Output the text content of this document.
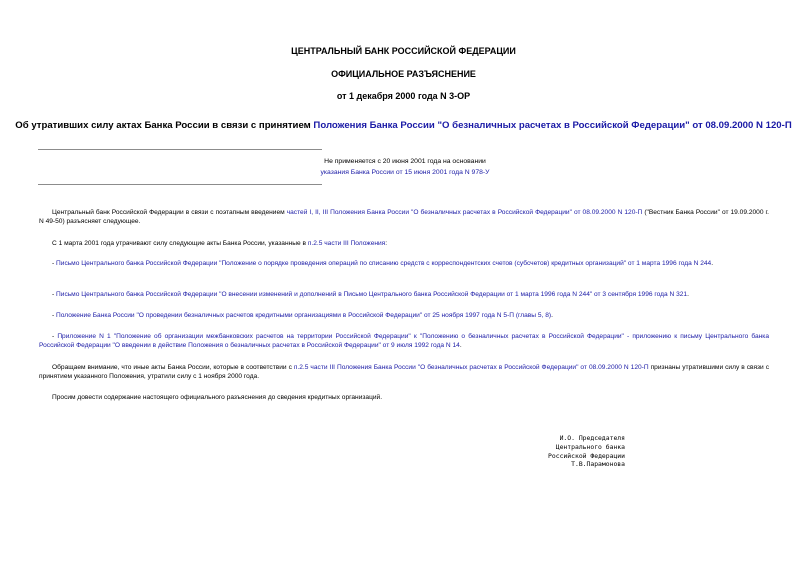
ЦЕНТРАЛЬНЫЙ БАНК РОССИЙСКОЙ ФЕДЕРАЦИИ
ОФИЦИАЛЬНОЕ РАЗЪЯСНЕНИЕ
от 1 декабря 2000 года N 3-ОР
Об утративших силу актах Банка России в связи с принятием Положения Банка России "О безналичных расчетах в Российской Федерации" от 08.09.2000 N 120-П
Не применяется с 20 июня 2001 года на основании
указания Банка России от 15 июня 2001 года N 978-У

Центральный банк Российской Федерации в связи с поэтапным введением частей I, II, III Положения Банка России "О безналичных расчетах в Российской Федерации" от 08.09.2000 N 120-П ("Вестник Банка России" от 19.09.2000 г. N 49-50) разъясняет следующее.

С 1 марта 2001 года утрачивают силу следующие акты Банка России, указанные в п.2.5 части III Положения:

- Письмо Центрального банка Российской Федерации "Положение о порядке проведения операций по списанию средств с корреспондентских счетов (субсчетов) кредитных организаций" от 1 марта 1996 года N 244.

- Письмо Центрального банка Российской Федерации "О внесении изменений и дополнений в Письмо Центрального банка Российской Федерации от 1 марта 1996 года N 244" от 3 сентября 1996 года N 321.

- Положение Банка России "О проведении безналичных расчетов кредитными организациями в Российской Федерации" от 25 ноября 1997 года N 5-П (главы 5, 8).

- Приложение N 1 "Положение об организации межбанковских расчетов на территории Российской Федерации" к "Положению о безналичных расчетах в Российской Федерации" - приложению к письму Центрального банка Российской Федерации "О введении в действие Положения о безналичных расчетах в Российской Федерации" от 9 июля 1992 года N 14.

Обращаем внимание, что иные акты Банка России, которые в соответствии с п.2.5 части III Положения Банка России "О безналичных расчетах в Российской Федерации" от 08.09.2000 N 120-П признаны утратившими силу в связи с принятием указанного Положения, утратили силу с 1 ноября 2000 года.

Просим довести содержание настоящего официального разъяснения до сведения кредитных организаций.

И.О. Председателя
Центрального банка
Российской Федерации
Т.В.Парамонова
